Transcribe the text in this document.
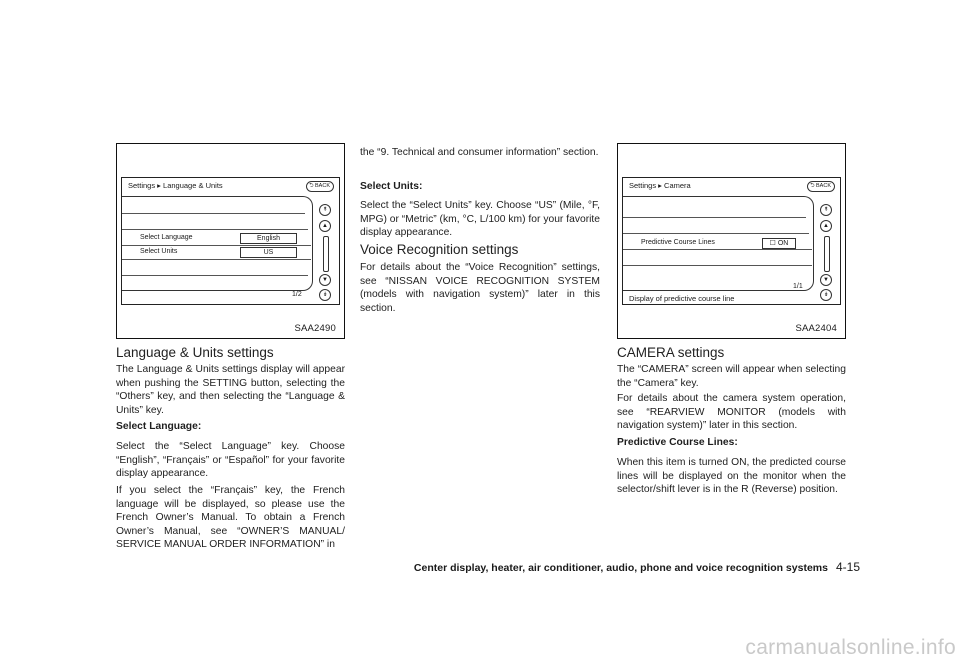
Settings ▸ Language & Units	⮌ BACK
Select Language	English
Select Units	US
1/2
↟
▲
▼
↡
SAA2490
Settings ▸ Camera	⮌ BACK
Predictive Course Lines	☐ ON
1/1
↟
▲
▼
↡
Display of predictive course line
SAA2404
Language & Units settings

The Language & Units settings display will appear when pushing the SETTING button, selecting the “Others” key, and then selecting the “Language & Units” key.

Select Language:

Select the “Select Language” key. Choose “English”, “Français” or “Español” for your favorite display appearance.

If you select the “Français” key, the French language will be displayed, so please use the French Owner’s Manual. To obtain a French Owner’s Manual, see “OWNER’S MANUAL/ SERVICE MANUAL ORDER INFORMATION” in

the “9. Technical and consumer information” section.

Select Units:

Select the “Select Units” key. Choose “US” (Mile, °F, MPG) or “Metric” (km, °C, L/100 km) for your favorite display appearance.

Voice Recognition settings

For details about the “Voice Recognition” settings, see “NISSAN VOICE RECOGNITION SYSTEM (models with navigation system)” later in this section.

CAMERA settings

The “CAMERA” screen will appear when selecting the “Camera” key.

For details about the camera system operation, see “REARVIEW MONITOR (models with navigation system)” later in this section.

Predictive Course Lines:

When this item is turned ON, the predicted course lines will be displayed on the monitor when the selector/shift lever is in the R (Reverse) position.

Center display, heater, air conditioner, audio, phone and voice recognition systems 4-15
carmanualsonline.info
